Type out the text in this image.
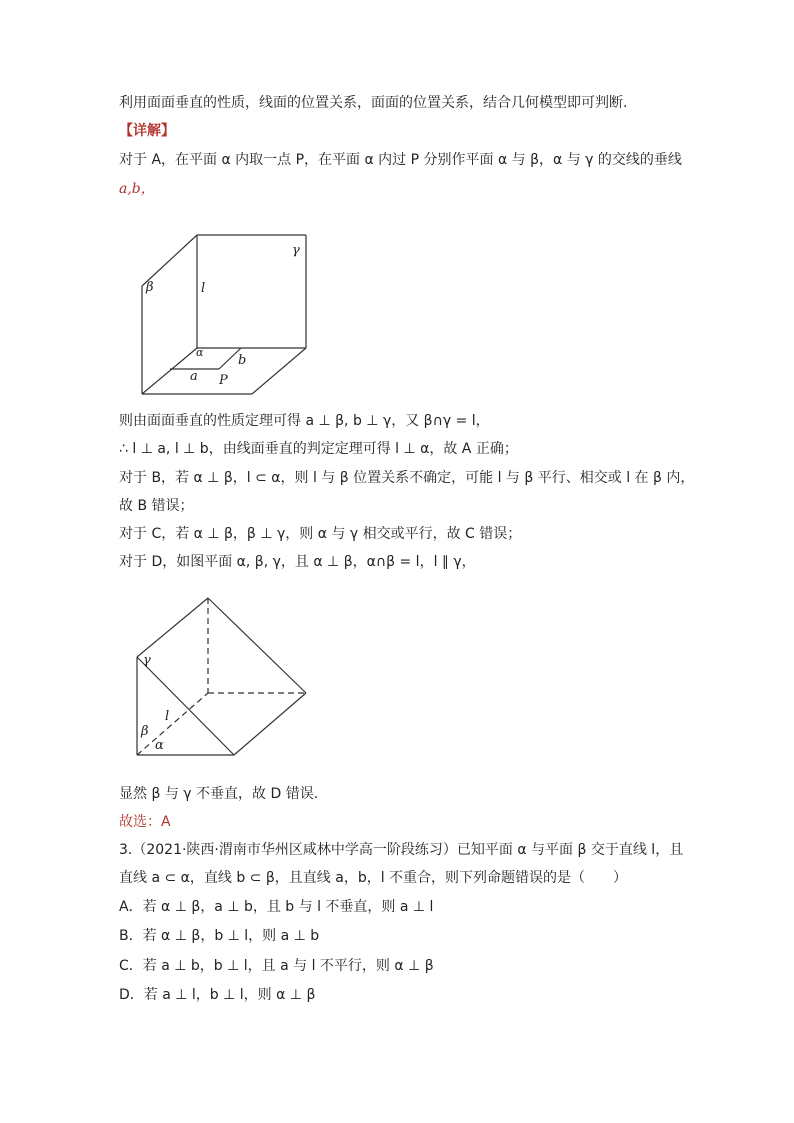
利用面面垂直的性质，线面的位置关系，面面的位置关系，结合几何模型即可判断.
【详解】
对于 A，在平面 α 内取一点 P，在平面 α 内过 P 分别作平面 α 与 β，α 与 γ 的交线的垂线
a,b，
γ
β	l
α
b
a P
则由面面垂直的性质定理可得 a ⊥ β, b ⊥ γ，又 β∩γ = l，
∴ l ⊥ a, l ⊥ b，由线面垂直的判定定理可得 l ⊥ α，故 A 正确；
对于 B，若 α ⊥ β，l ⊂ α，则 l 与 β 位置关系不确定，可能 l 与 β 平行、相交或 l 在 β 内，
故 B 错误；
对于 C，若 α ⊥ β，β ⊥ γ，则 α 与 γ 相交或平行，故 C 错误；
对于 D，如图平面 α, β, γ，且 α ⊥ β，α∩β = l，l ∥ γ，
γ
l
β
α
显然 β 与 γ 不垂直，故 D 错误.
故选：A
3.（2021·陕西·渭南市华州区咸林中学高一阶段练习）已知平面 α 与平面 β 交于直线 l，且
直线 a ⊂ α，直线 b ⊂ β，且直线 a，b，l 不重合，则下列命题错误的是（　　）
A．若 α ⊥ β，a ⊥ b，且 b 与 l 不垂直，则 a ⊥ l
B．若 α ⊥ β，b ⊥ l，则 a ⊥ b
C．若 a ⊥ b，b ⊥ l，且 a 与 l 不平行，则 α ⊥ β
D．若 a ⊥ l，b ⊥ l，则 α ⊥ β
